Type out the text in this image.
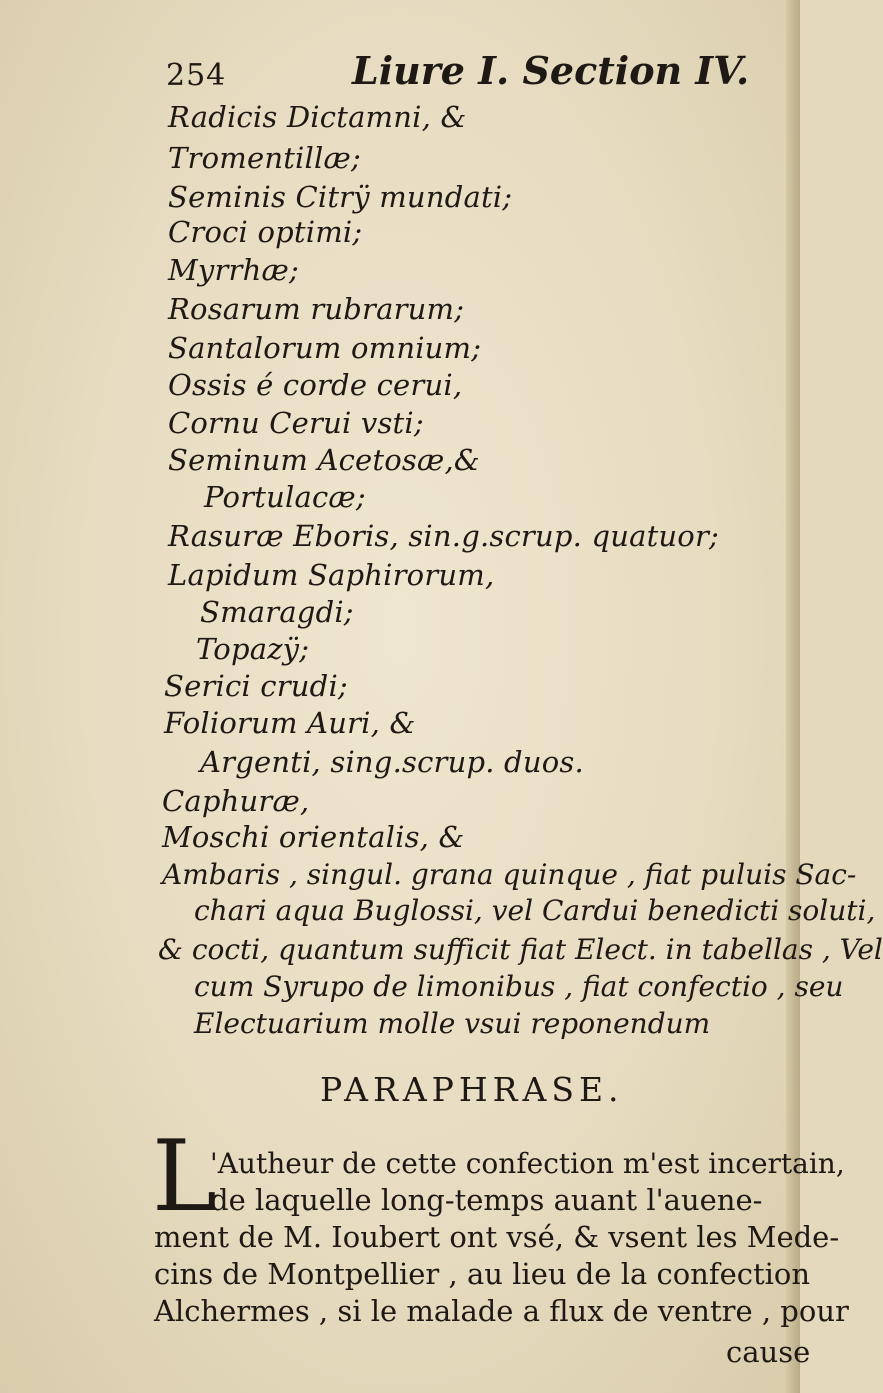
254	Liure I. Section IV.
Radicis Dictamni, &
Tromentillæ;
Seminis Citrÿ mundati;
Croci optimi;
Myrrhæ;
Rosarum rubrarum;
Santalorum omnium;
Ossis é corde cerui,
Cornu Cerui vsti;
Seminum Acetosæ,&
Portulacæ;
Rasuræ Eboris, sin.g.scrup. quatuor;
Lapidum Saphirorum,
Smaragdi;
Topazÿ;
Serici crudi;
Foliorum Auri, &
Argenti, sing.scrup. duos.
Caphuræ,
Moschi orientalis, &
Ambaris , singul. grana quinque , fiat puluis Sac-
chari aqua Buglossi, vel Cardui benedicti soluti,
& cocti, quantum sufficit fiat Elect. in tabellas , Vel
cum Syrupo de limonibus , fiat confectio , seu
Electuarium molle vsui reponendum
PARAPHRASE.
L
'Autheur de cette confection m'est incertain,
de laquelle long-temps auant l'auene-
ment de M. Ioubert ont vsé, & vsent les Mede-
cins de Montpellier , au lieu de la confection
Alchermes , si le malade a flux de ventre , pour
cause
